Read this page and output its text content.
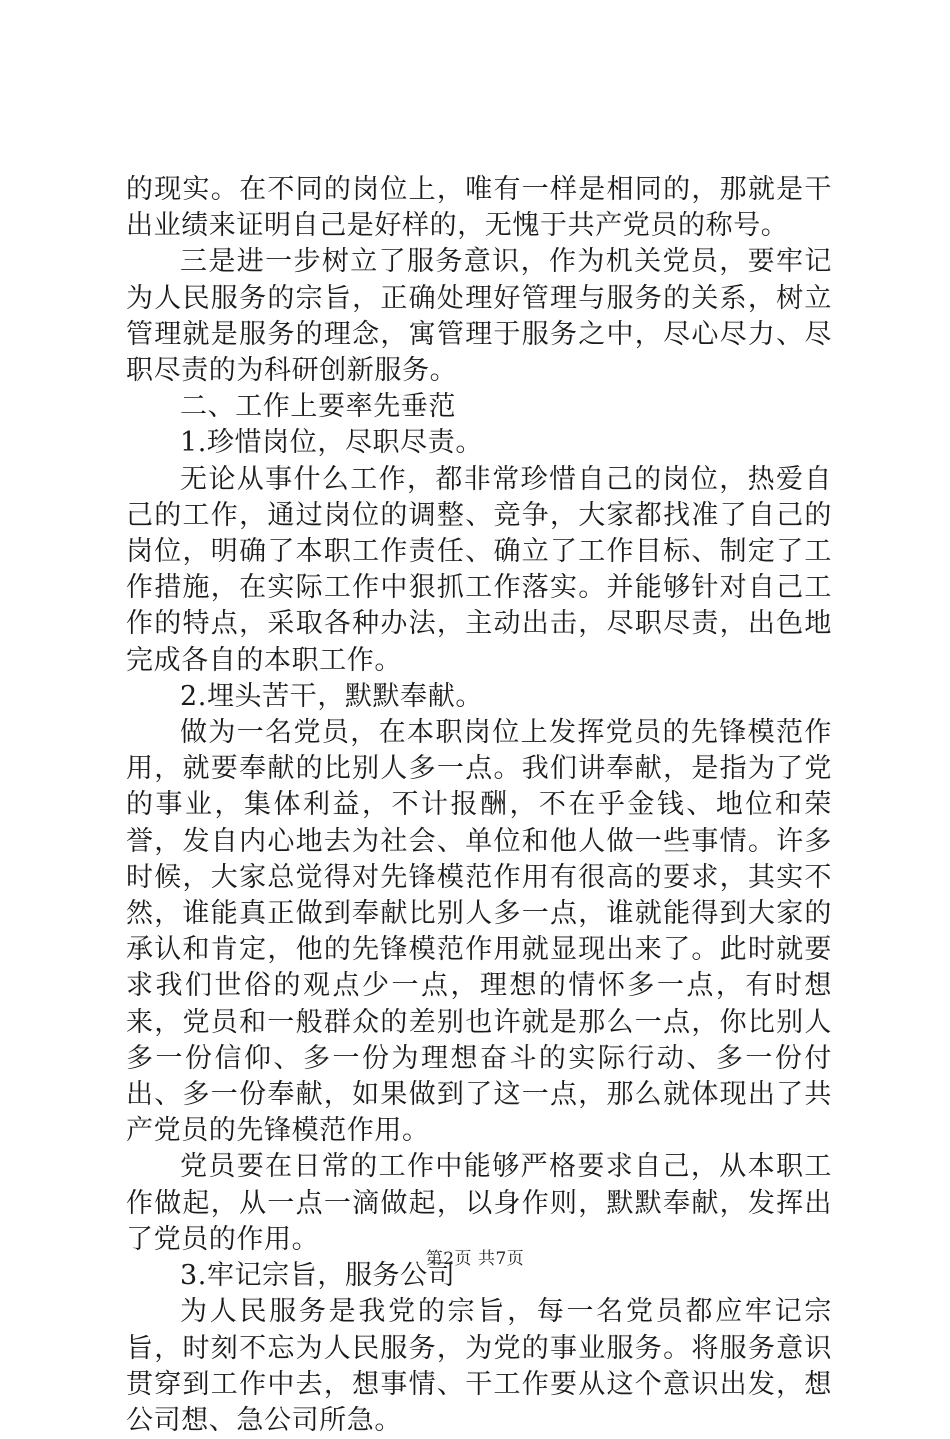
的现实。在不同的岗位上，唯有一样是相同的，那就是干出业绩来证明自己是好样的，无愧于共产党员的称号。

三是进一步树立了服务意识，作为机关党员，要牢记为人民服务的宗旨，正确处理好管理与服务的关系，树立管理就是服务的理念，寓管理于服务之中，尽心尽力、尽职尽责的为科研创新服务。

二、工作上要率先垂范

1.珍惜岗位，尽职尽责。

无论从事什么工作，都非常珍惜自己的岗位，热爱自己的工作，通过岗位的调整、竞争，大家都找准了自己的岗位，明确了本职工作责任、确立了工作目标、制定了工作措施，在实际工作中狠抓工作落实。并能够针对自己工作的特点，采取各种办法，主动出击，尽职尽责，出色地完成各自的本职工作。

2.埋头苦干，默默奉献。

做为一名党员，在本职岗位上发挥党员的先锋模范作用，就要奉献的比别人多一点。我们讲奉献，是指为了党的事业，集体利益，不计报酬，不在乎金钱、地位和荣誉，发自内心地去为社会、单位和他人做一些事情。许多时候，大家总觉得对先锋模范作用有很高的要求，其实不然，谁能真正做到奉献比别人多一点，谁就能得到大家的承认和肯定，他的先锋模范作用就显现出来了。此时就要求我们世俗的观点少一点，理想的情怀多一点，有时想来，党员和一般群众的差别也许就是那么一点，你比别人多一份信仰、多一份为理想奋斗的实际行动、多一份付出、多一份奉献，如果做到了这一点，那么就体现出了共产党员的先锋模范作用。

党员要在日常的工作中能够严格要求自己，从本职工作做起，从一点一滴做起，以身作则，默默奉献，发挥出了党员的作用。

3.牢记宗旨，服务公司

为人民服务是我党的宗旨，每一名党员都应牢记宗旨，时刻不忘为人民服务，为党的事业服务。将服务意识贯穿到工作中去，想事情、干工作要从这个意识出发，想公司想、急公司所急。

第2页 共7页
